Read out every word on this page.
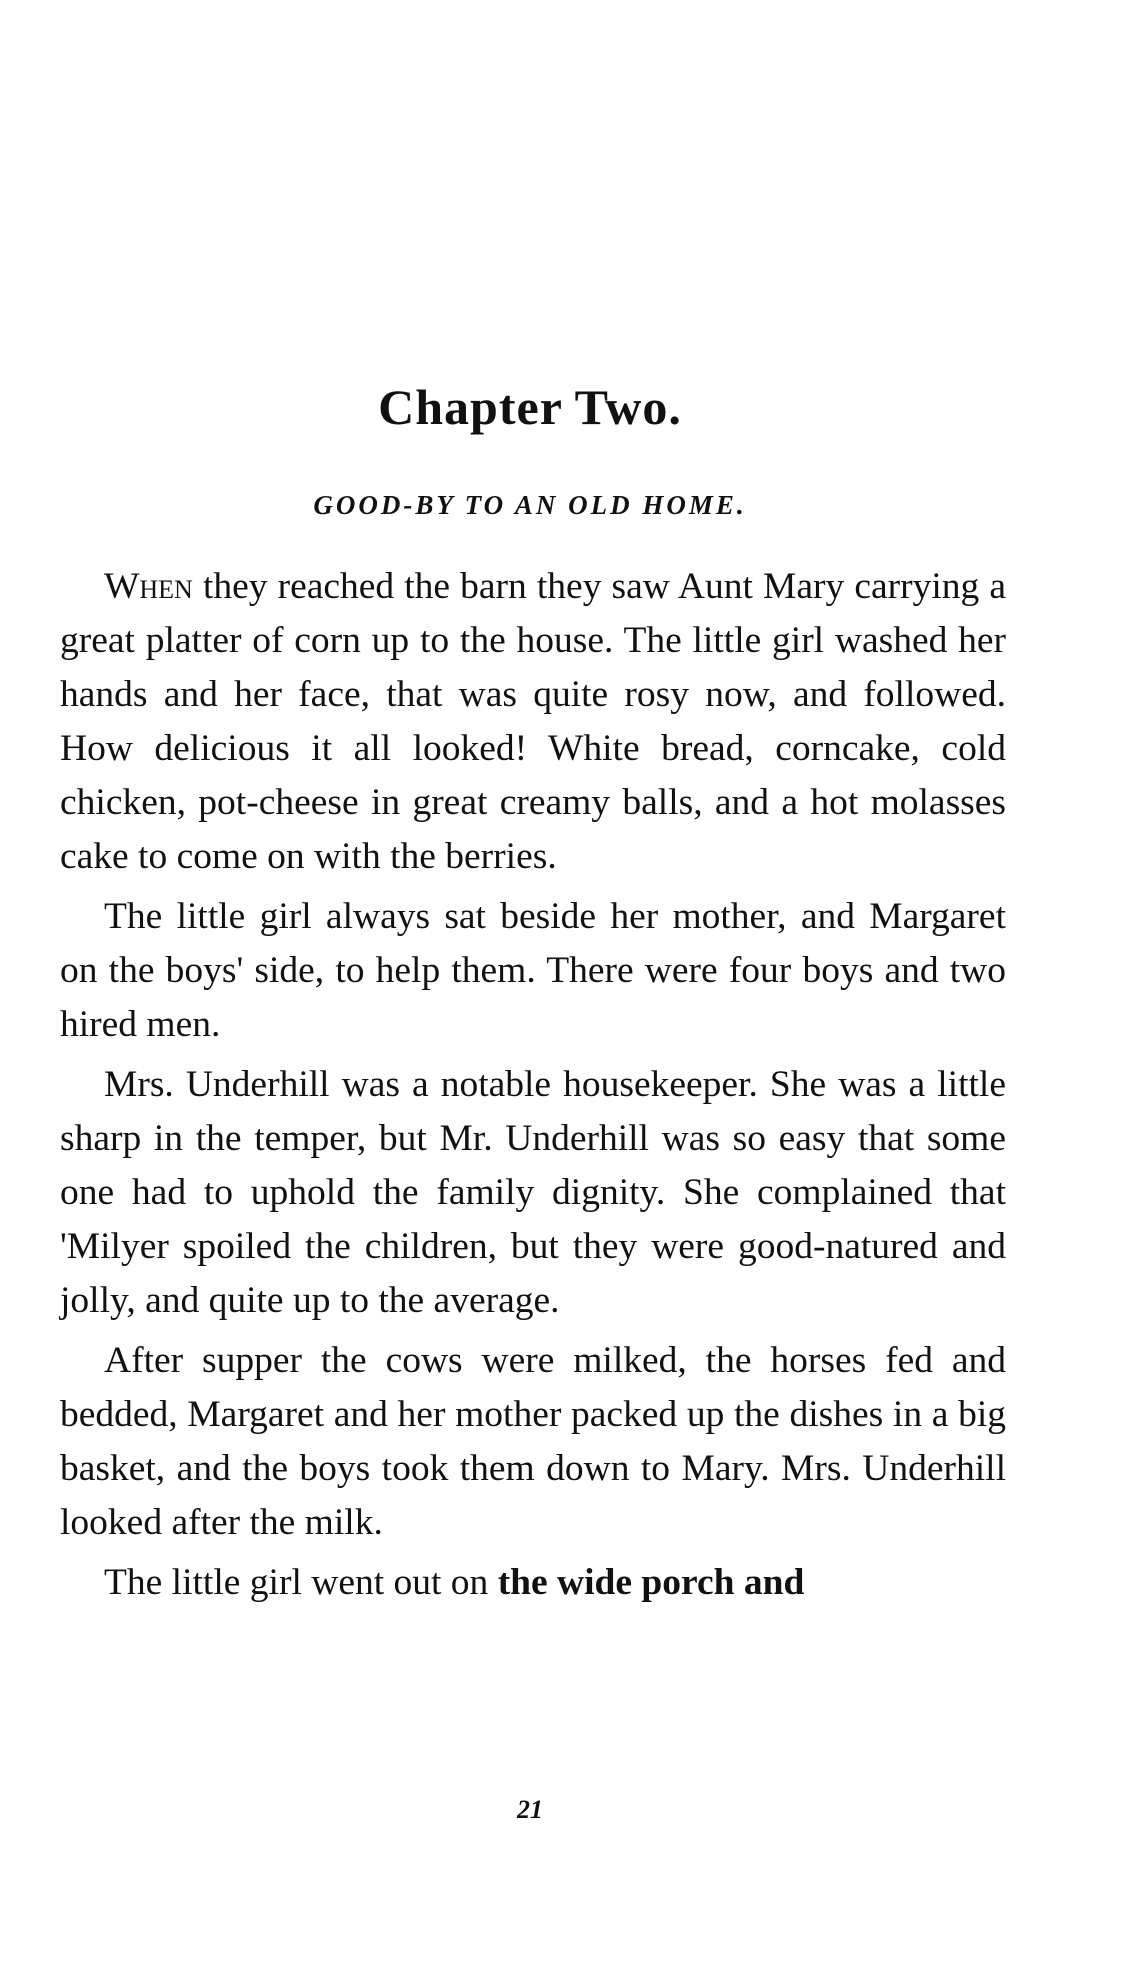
Chapter Two.
GOOD-BY TO AN OLD HOME.

When they reached the barn they saw Aunt Mary carrying a great platter of corn up to the house. The little girl washed her hands and her face, that was quite rosy now, and followed. How delicious it all looked! White bread, corncake, cold chicken, pot-cheese in great creamy balls, and a hot molasses cake to come on with the berries.

The little girl always sat beside her mother, and Margaret on the boys' side, to help them. There were four boys and two hired men.

Mrs. Underhill was a notable housekeeper. She was a little sharp in the temper, but Mr. Underhill was so easy that some one had to uphold the family dignity. She complained that 'Milyer spoiled the children, but they were good-natured and jolly, and quite up to the average.

After supper the cows were milked, the horses fed and bedded, Margaret and her mother packed up the dishes in a big basket, and the boys took them down to Mary. Mrs. Underhill looked after the milk.

The little girl went out on the wide porch and

21
